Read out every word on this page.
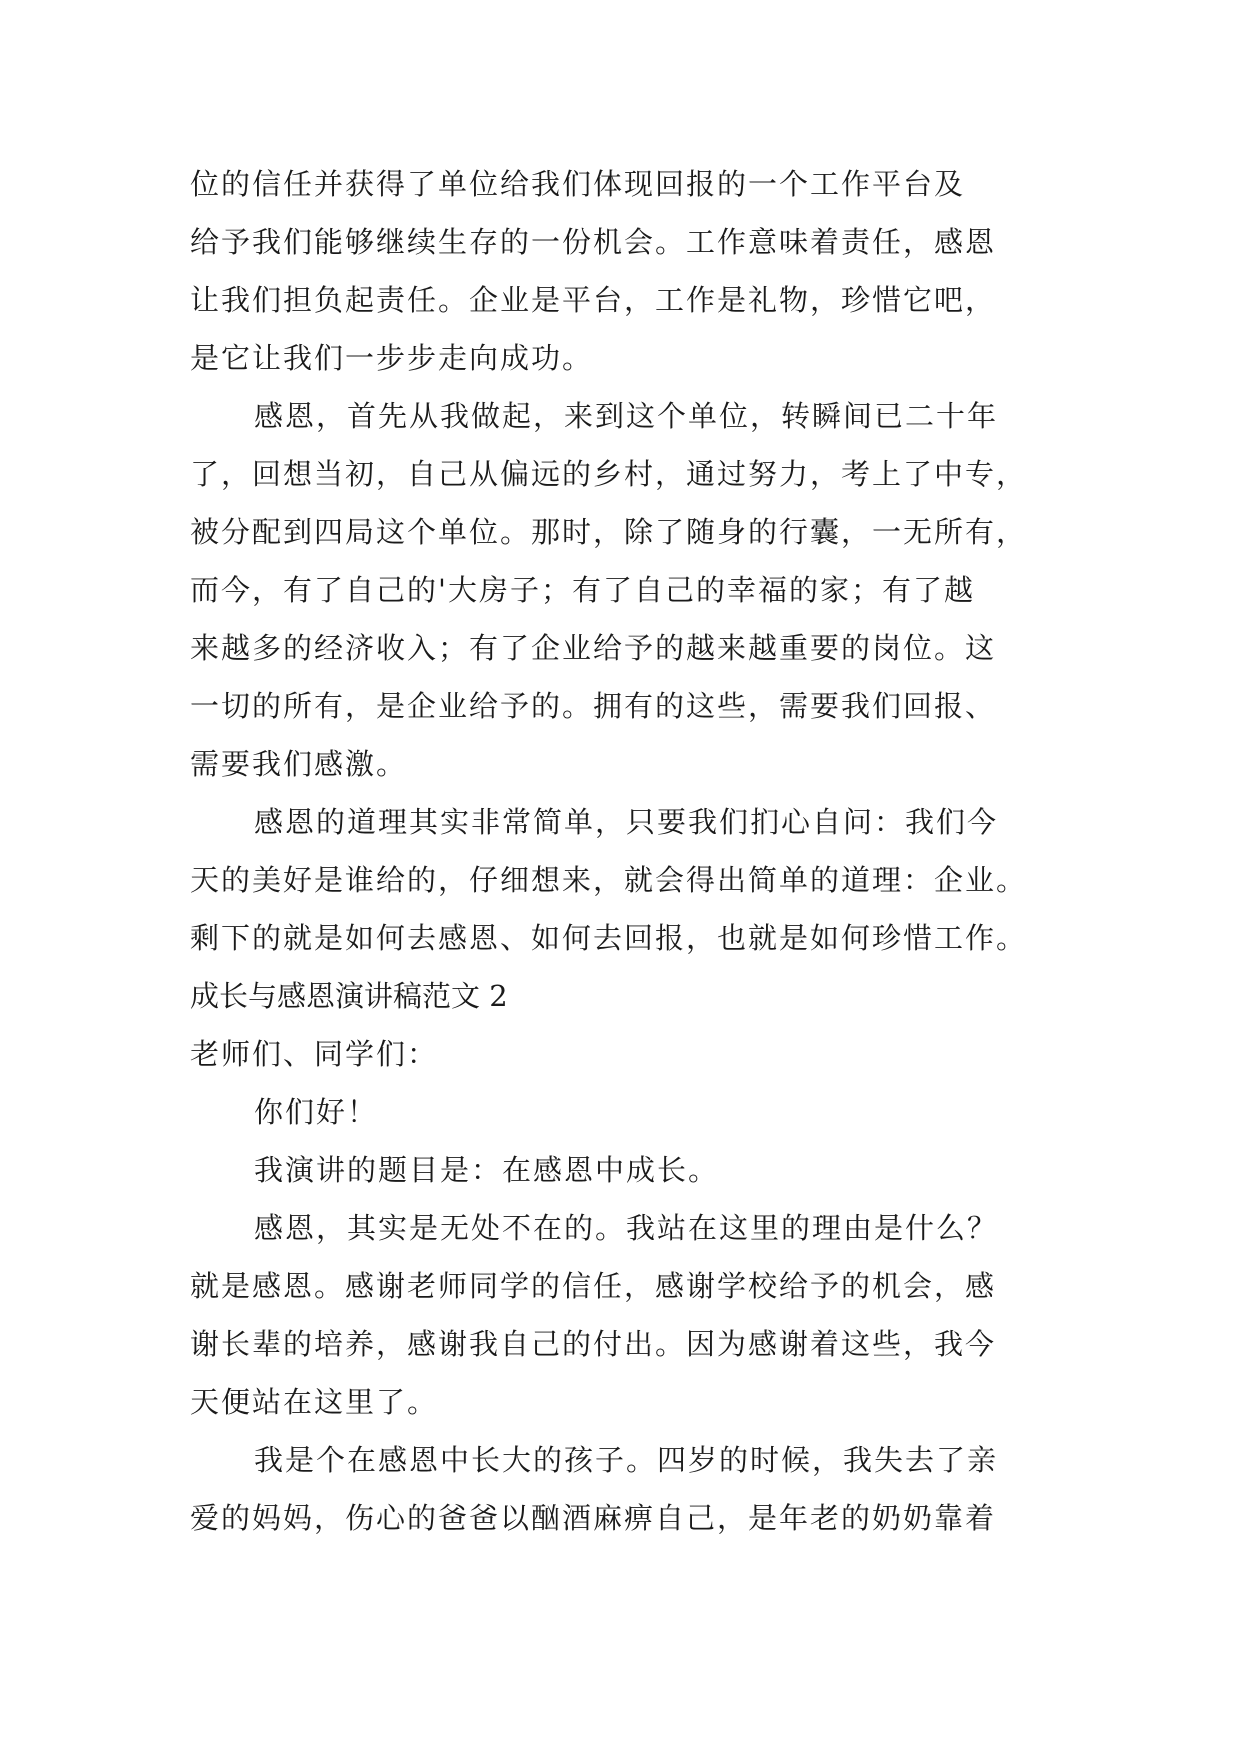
位的信任并获得了单位给我们体现回报的一个工作平台及
给予我们能够继续生存的一份机会。工作意味着责任，感恩
让我们担负起责任。企业是平台，工作是礼物，珍惜它吧，
是它让我们一步步走向成功。
感恩，首先从我做起，来到这个单位，转瞬间已二十年
了，回想当初，自己从偏远的乡村，通过努力，考上了中专，
被分配到四局这个单位。那时，除了随身的行囊，一无所有，
而今，有了自己的'大房子；有了自己的幸福的家；有了越
来越多的经济收入；有了企业给予的越来越重要的岗位。这
一切的所有，是企业给予的。拥有的这些，需要我们回报、
需要我们感激。
感恩的道理其实非常简单，只要我们扪心自问：我们今
天的美好是谁给的，仔细想来，就会得出简单的道理：企业。
剩下的就是如何去感恩、如何去回报，也就是如何珍惜工作。
成长与感恩演讲稿范文 2
老师们、同学们：
你们好！
我演讲的题目是：在感恩中成长。
感恩，其实是无处不在的。我站在这里的理由是什么？
就是感恩。感谢老师同学的信任，感谢学校给予的机会，感
谢长辈的培养，感谢我自己的付出。因为感谢着这些，我今
天便站在这里了。
我是个在感恩中长大的孩子。四岁的时候，我失去了亲
爱的妈妈，伤心的爸爸以酗酒麻痹自己，是年老的奶奶靠着
